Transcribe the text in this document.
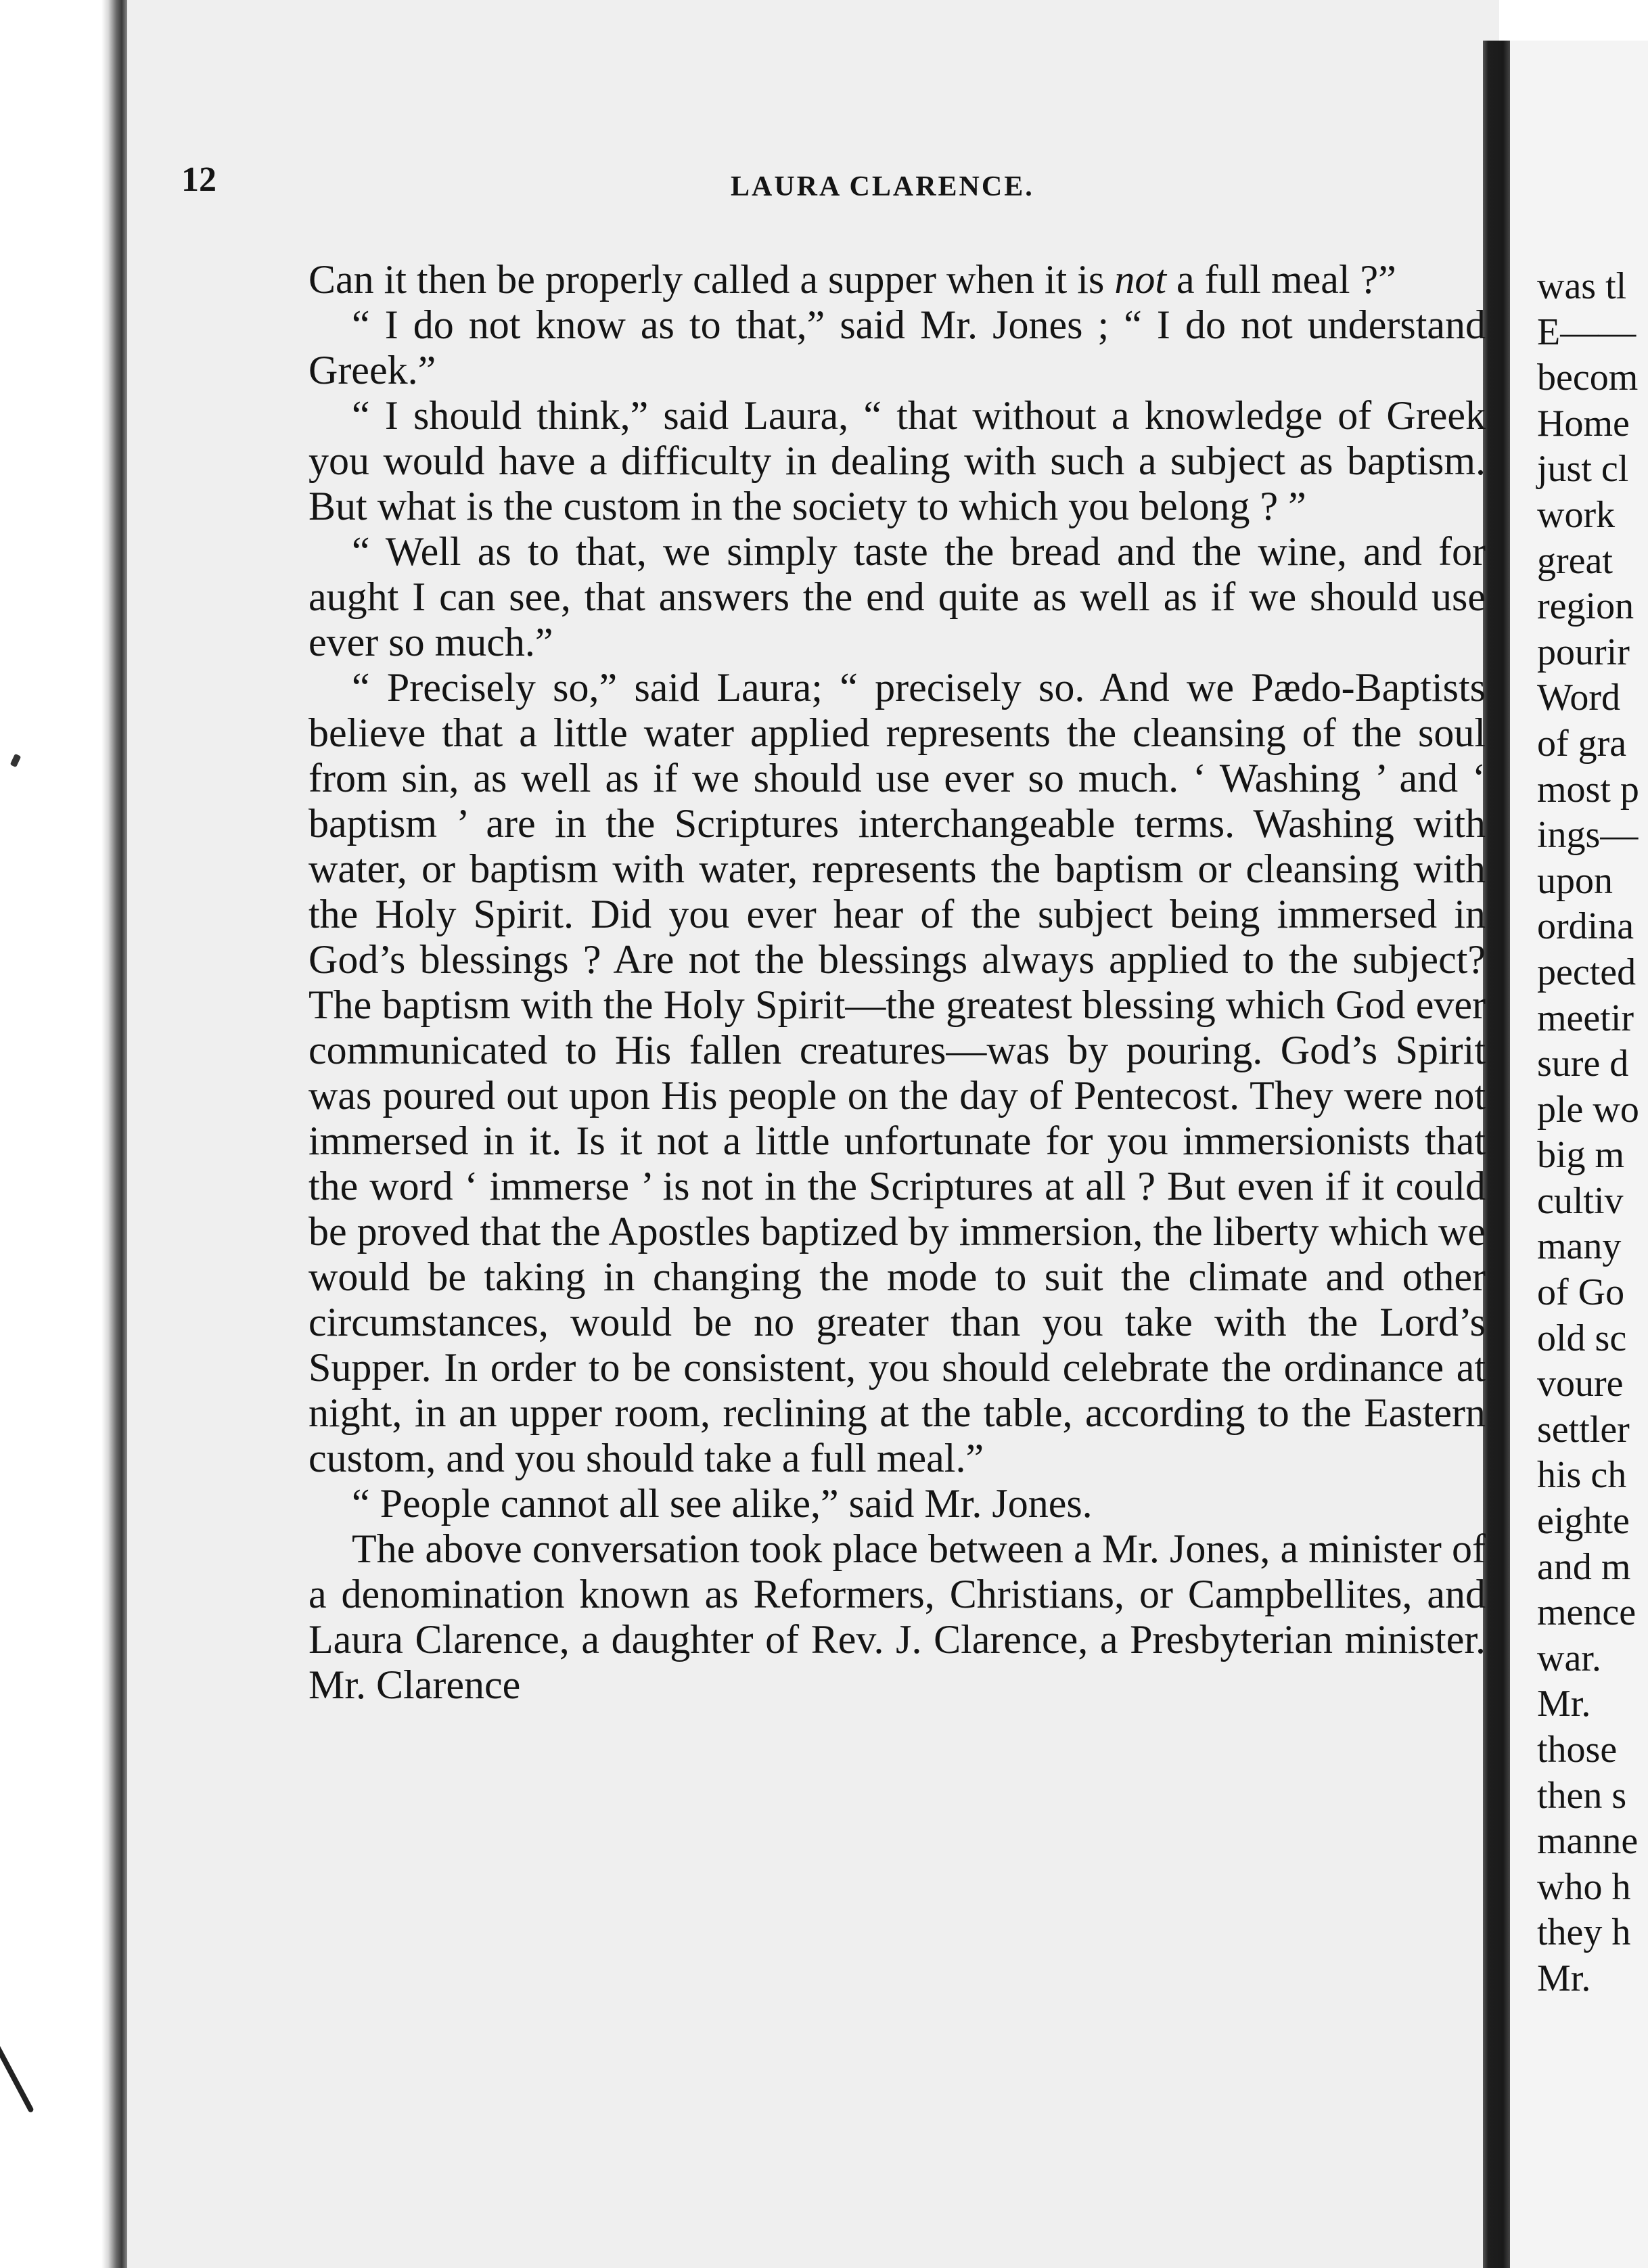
was tl
E——
becom
Home
just cl
work
great
region
pourir
Word
of gra
most p
ings—
upon
ordina
pected
meetir
sure d
ple wo
big m
cultiv
many
of Go
old sc
voure
settler
his ch
eighte
and m
mence
war.
Mr.
those
then s
manne
who h
they h
Mr.
12	LAURA CLARENCE.

Can it then be properly called a supper when it is not a full meal ?”

“ I do not know as to that,” said Mr. Jones ; “ I do not understand Greek.”

“ I should think,” said Laura, “ that without a knowledge of Greek you would have a difficulty in dealing with such a subject as baptism. But what is the custom in the society to which you belong ? ”

“ Well as to that, we simply taste the bread and the wine, and for aught I can see, that answers the end quite as well as if we should use ever so much.”

“ Precisely so,” said Laura; “ precisely so. And we Pædo-Baptists believe that a little water applied represents the cleansing of the soul from sin, as well as if we should use ever so much. ‘ Washing ’ and ‘ baptism ’ are in the Scriptures interchangeable terms. Washing with water, or baptism with water, represents the baptism or cleansing with the Holy Spirit. Did you ever hear of the subject being immersed in God’s blessings ? Are not the blessings always applied to the subject? The baptism with the Holy Spirit—the greatest blessing which God ever communicated to His fallen creatures—was by pouring. God’s Spirit was poured out upon His people on the day of Pentecost. They were not immersed in it. Is it not a little unfortunate for you immersionists that the word ‘ immerse ’ is not in the Scriptures at all ? But even if it could be proved that the Apostles baptized by immersion, the liberty which we would be taking in changing the mode to suit the climate and other circumstances, would be no greater than you take with the Lord’s Supper. In order to be consistent, you should celebrate the ordinance at night, in an upper room, reclining at the table, according to the Eastern custom, and you should take a full meal.”

“ People cannot all see alike,” said Mr. Jones.

The above conversation took place between a Mr. Jones, a minister of a denomination known as Reformers, Christians, or Campbellites, and Laura Clarence, a daughter of Rev. J. Clarence, a Presbyterian minister. Mr. Clarence
